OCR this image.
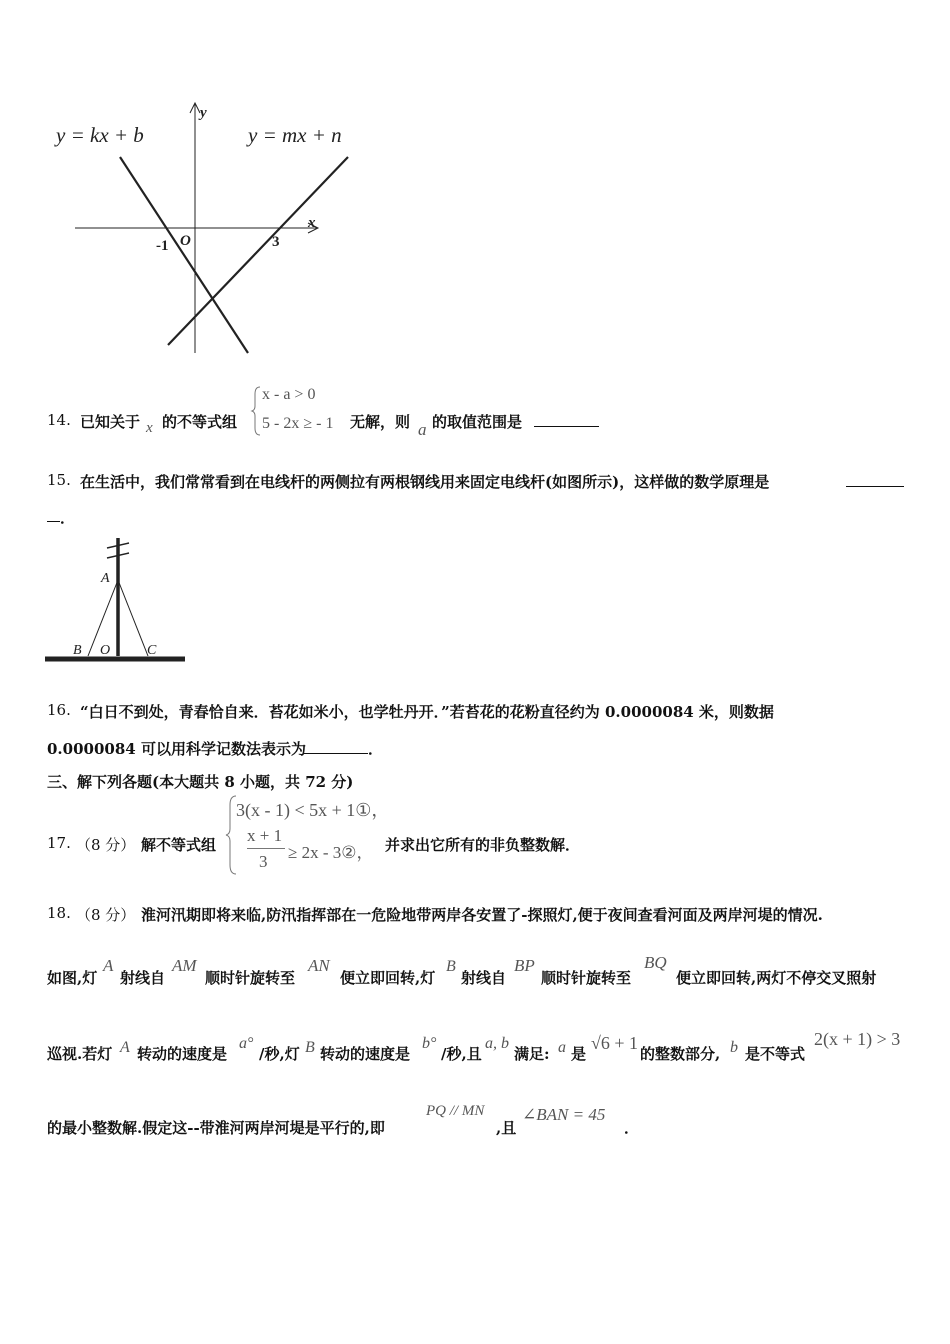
y = kx + b	y = mx + n
y
x
O
-1	3
14. 已知关于 x 的不等式组
x - a > 0
5 - 2x ≥ - 1 无解，则 a 的取值范围是
15. 在生活中，我们常常看到在电线杆的两侧拉有两根钢线用来固定电线杆(如图所示)，这样做的数学原理是
．
A
B O	C
16. “白日不到处，青春恰自来．苔花如米小，也学牡丹开．”若苔花的花粉直径约为 0.0000084 米，则数据
0.0000084 可以用科学记数法表示为	．
三、解下列各题(本大题共 8 小题，共 72 分)
17. （8 分） 解不等式组
3(x - 1) < 5x + 1①，
x + 1
3 ≥ 2x - 3②， 并求出它所有的非负整数解．
18. （8 分） 淮河汛期即将来临,防汛指挥部在一危险地带两岸各安置了-探照灯,便于夜间查看河面及两岸河堤的情况.
如图,灯
A
射线自
AM
顺时针旋转至
AN
便立即回转,灯
B
射线自
BP
顺时针旋转至
BQ
便立即回转,两灯不停交叉照射
巡视.若灯 A 转动的速度是
a°
/秒,灯 B 转动的速度是
b°
/秒,且
a, b
满足: a 是
√6 + 1
的整数部分, b 是不等式
2(x + 1) > 3
的最小整数解.假定这--带淮河两岸河堤是平行的,即
PQ // MN
,且
∠BAN = 45
．
